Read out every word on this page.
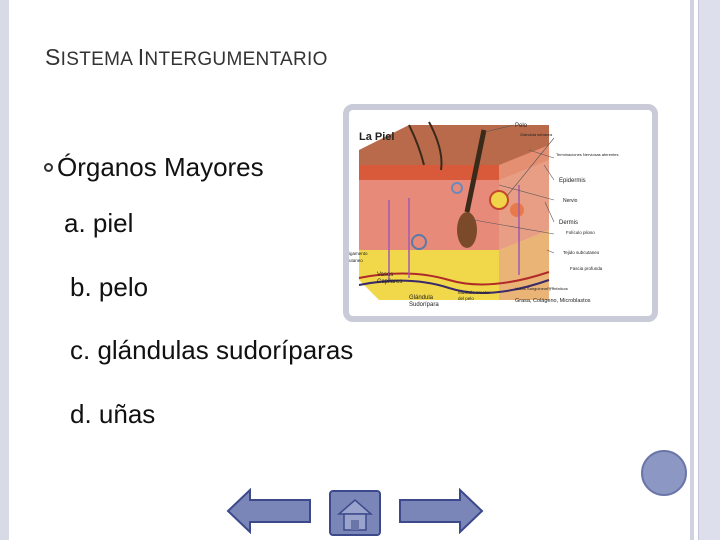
SISTEMA INTERGUMENTARIO
Órganos Mayores
a. piel
b. pelo
c. glándulas sudoríparas
d. uñas
La Piel
Pelo
Glándula sebacea
Terminaciones Nerviosas aferentes
Epidermis
Nervio
Dermis
Folículo piloso
Tejido subcutaneo
Fascia profunda
Vasos Sanguineos y linfaticos
Grasa, Colágeno, Microblastos
igamento
utaneo
Vasos
Capilares
Glándula
Sudorípara
Musculo erector
del pelo
